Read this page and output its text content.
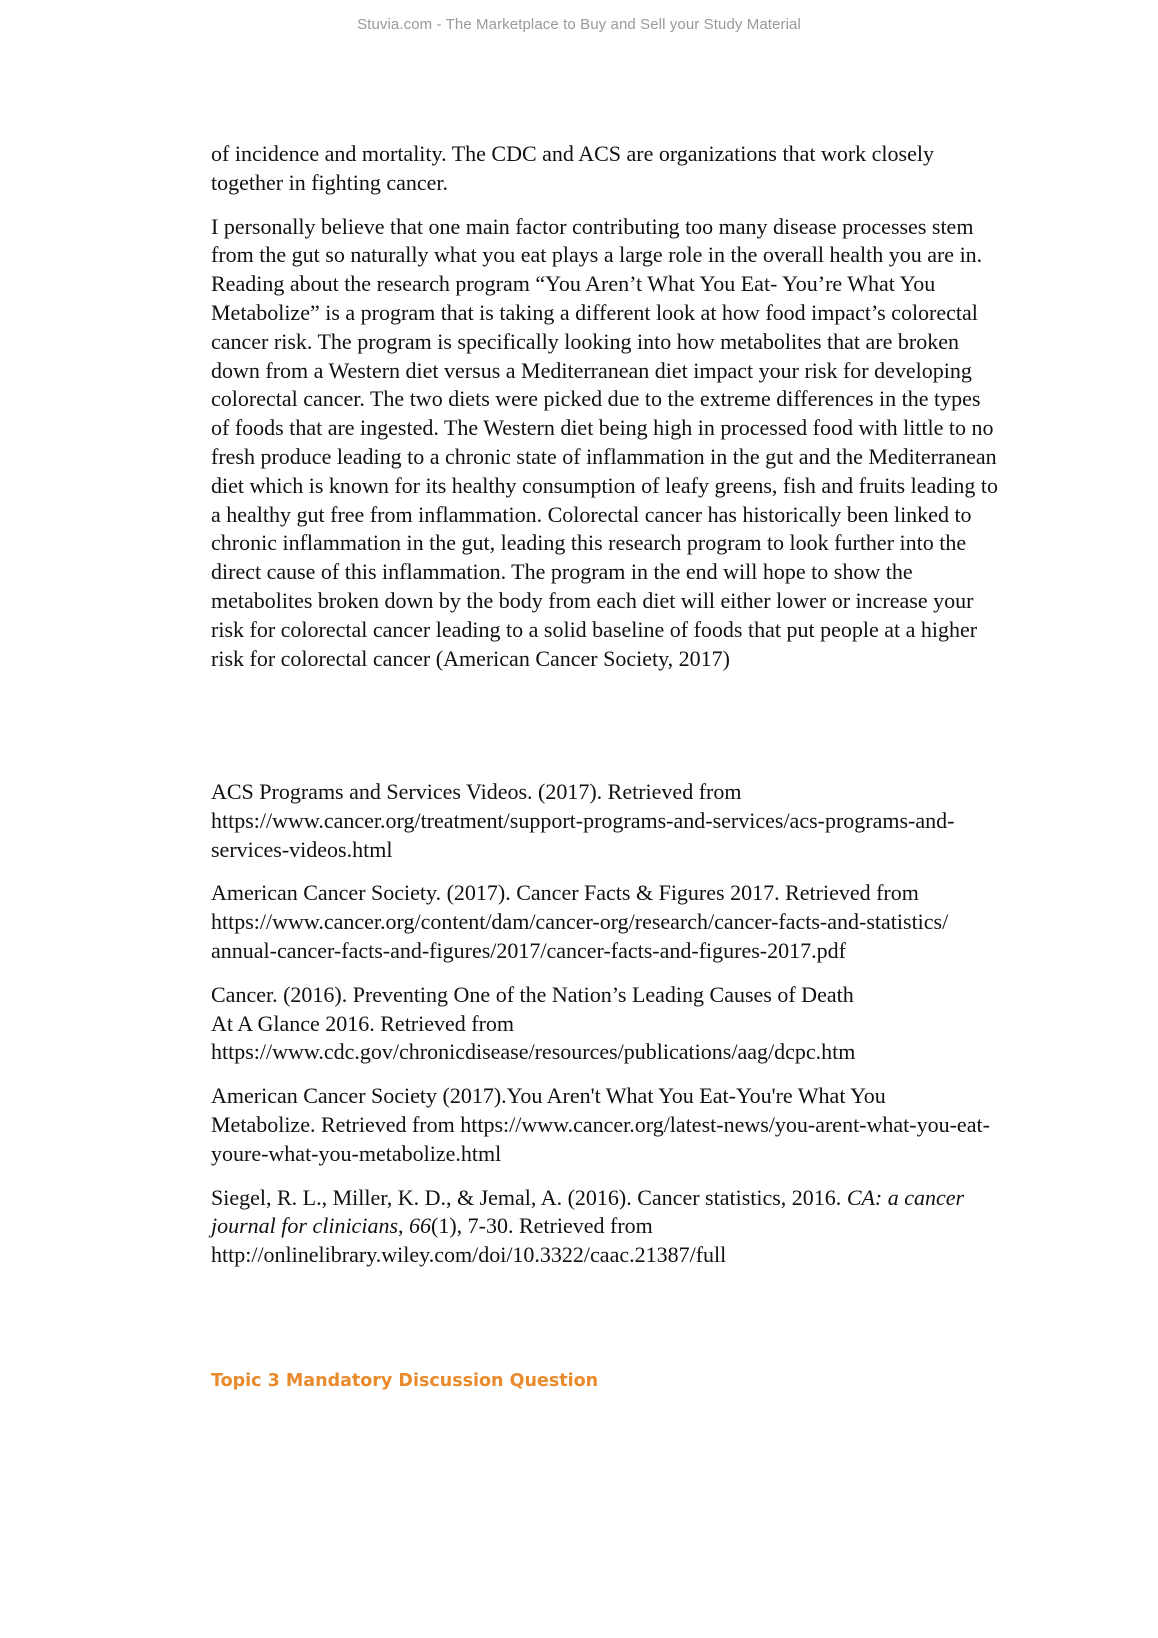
Stuvia.com - The Marketplace to Buy and Sell your Study Material

of incidence and mortality. The CDC and ACS are organizations that work closely
together in fighting cancer.

I personally believe that one main factor contributing too many disease processes stem
from the gut so naturally what you eat plays a large role in the overall health you are in.
Reading about the research program “You Aren’t What You Eat- You’re What You
Metabolize” is a program that is taking a different look at how food impact’s colorectal
cancer risk. The program is specifically looking into how metabolites that are broken
down from a Western diet versus a Mediterranean diet impact your risk for developing
colorectal cancer. The two diets were picked due to the extreme differences in the types
of foods that are ingested. The Western diet being high in processed food with little to no
fresh produce leading to a chronic state of inflammation in the gut and the Mediterranean
diet which is known for its healthy consumption of leafy greens, fish and fruits leading to
a healthy gut free from inflammation. Colorectal cancer has historically been linked to
chronic inflammation in the gut, leading this research program to look further into the
direct cause of this inflammation. The program in the end will hope to show the
metabolites broken down by the body from each diet will either lower or increase your
risk for colorectal cancer leading to a solid baseline of foods that put people at a higher
risk for colorectal cancer (American Cancer Society, 2017)

ACS Programs and Services Videos. (2017). Retrieved from
https://www.cancer.org/treatment/support-programs-and-services/acs-programs-and-
services-videos.html

American Cancer Society. (2017). Cancer Facts & Figures 2017. Retrieved from
https://www.cancer.org/content/dam/cancer-org/research/cancer-facts-and-statistics/
annual-cancer-facts-and-figures/2017/cancer-facts-and-figures-2017.pdf

Cancer. (2016). Preventing One of the Nation’s Leading Causes of Death
At A Glance 2016. Retrieved from
https://www.cdc.gov/chronicdisease/resources/publications/aag/dcpc.htm

American Cancer Society (2017).You Aren't What You Eat-You're What You
Metabolize. Retrieved from https://www.cancer.org/latest-news/you-arent-what-you-eat-
youre-what-you-metabolize.html

Siegel, R. L., Miller, K. D., & Jemal, A. (2016). Cancer statistics, 2016. CA: a cancer
journal for clinicians, 66(1), 7-30. Retrieved from
http://onlinelibrary.wiley.com/doi/10.3322/caac.21387/full

Topic 3 Mandatory Discussion Question
